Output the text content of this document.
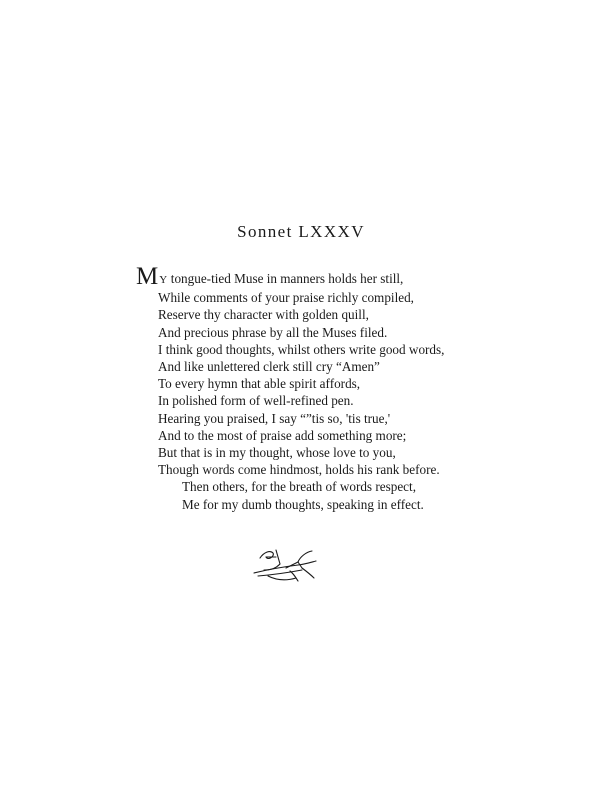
Sonnet LXXXV
MY tongue-tied Muse in manners holds her still,
While comments of your praise richly compiled,
Reserve thy character with golden quill,
And precious phrase by all the Muses filed.
I think good thoughts, whilst others write good words,
And like unlettered clerk still cry “Amen”
To every hymn that able spirit affords,
In polished form of well-refined pen.
Hearing you praised, I say “”tis so, 'tis true,'
And to the most of praise add something more;
But that is in my thought, whose love to you,
Though words come hindmost, holds his rank before.
Then others, for the breath of words respect,
Me for my dumb thoughts, speaking in effect.
